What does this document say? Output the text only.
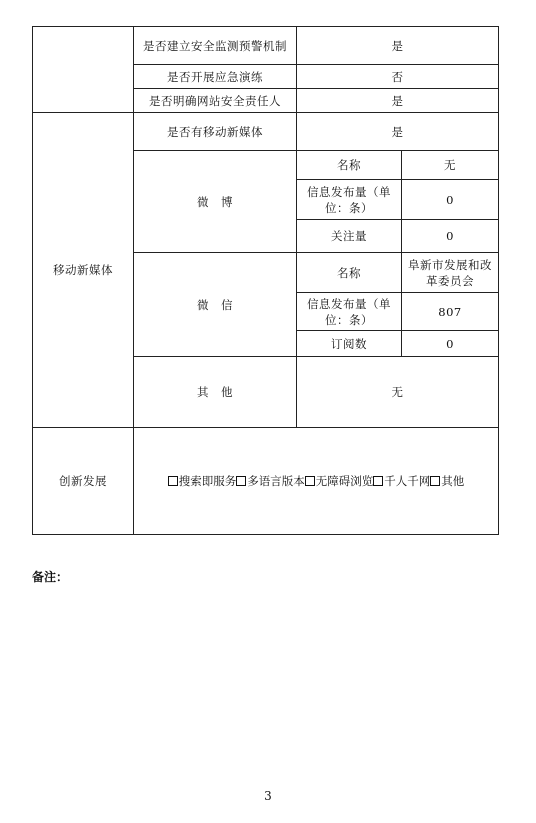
	是否建立安全监测预警机制	是	
	是否开展应急演练	否	
	是否明确网站安全责任人	是	
移动新媒体	是否有移动新媒体	是	
	微　博	名称	无
		信息发布量（单位：条）	0
		关注量	0
	微　信	名称	阜新市发展和改革委员会
		信息发布量（单位：条）	807
		订阅数	0
	其　他	无	
创新发展	搜索即服务 多语言版本 无障碍浏览 千人千网 其他		
备注：
3
